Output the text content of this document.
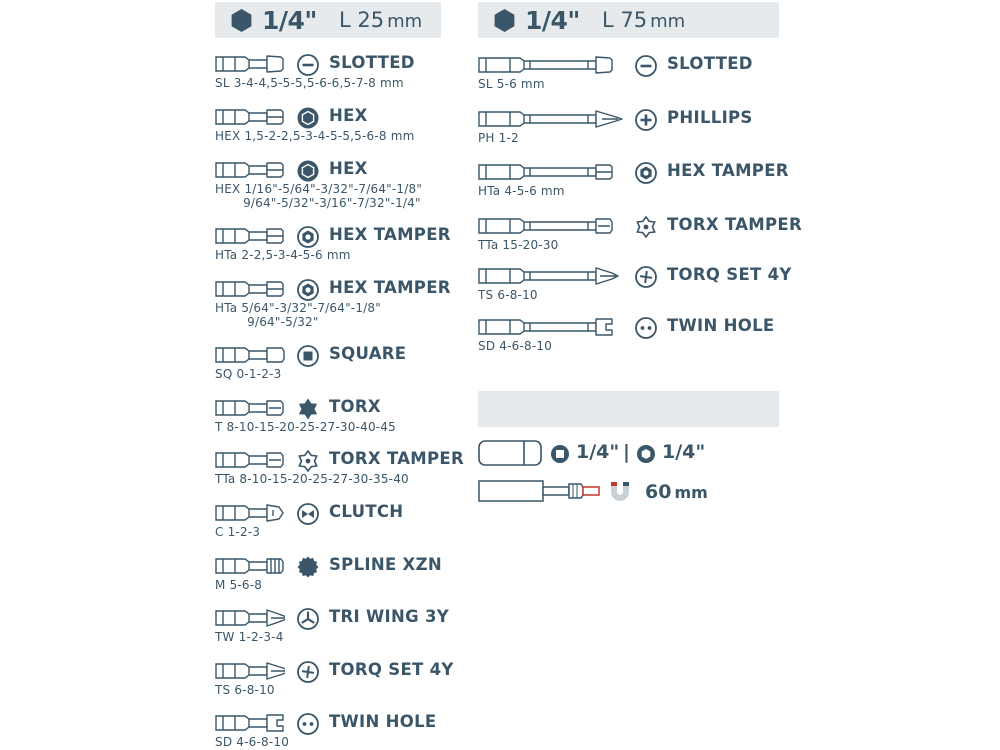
1/4" L 25 mm	1/4" L 75 mm
SLOTTED
SL 3-4-4,5-5-5,5-6-6,5-7-8 mm
HEX
HEX 1,5-2-2,5-3-4-5-5,5-6-8 mm
HEX
HEX 1/16"-5/64"-3/32"-7/64"-1/8"
9/64"-5/32"-3/16"-7/32"-1/4"
HEX TAMPER
HTa 2-2,5-3-4-5-6 mm
HEX TAMPER
HTa 5/64"-3/32"-7/64"-1/8"
9/64"-5/32"
SQUARE
SQ 0-1-2-3
TORX
T 8-10-15-20-25-27-30-40-45
TORX TAMPER
TTa 8-10-15-20-25-27-30-35-40
CLUTCH
C 1-2-3
SPLINE XZN
M 5-6-8
TRI WING 3Y
TW 1-2-3-4
TORQ SET 4Y
TS 6-8-10
TWIN HOLE
SD 4-6-8-10
SLOTTED
SL 5-6 mm
PHILLIPS
PH 1-2
HEX TAMPER
HTa 4-5-6 mm
TORX TAMPER
TTa 15-20-30
TORQ SET 4Y
TS 6-8-10
TWIN HOLE
SD 4-6-8-10
1/4" | 1/4"
60 mm
